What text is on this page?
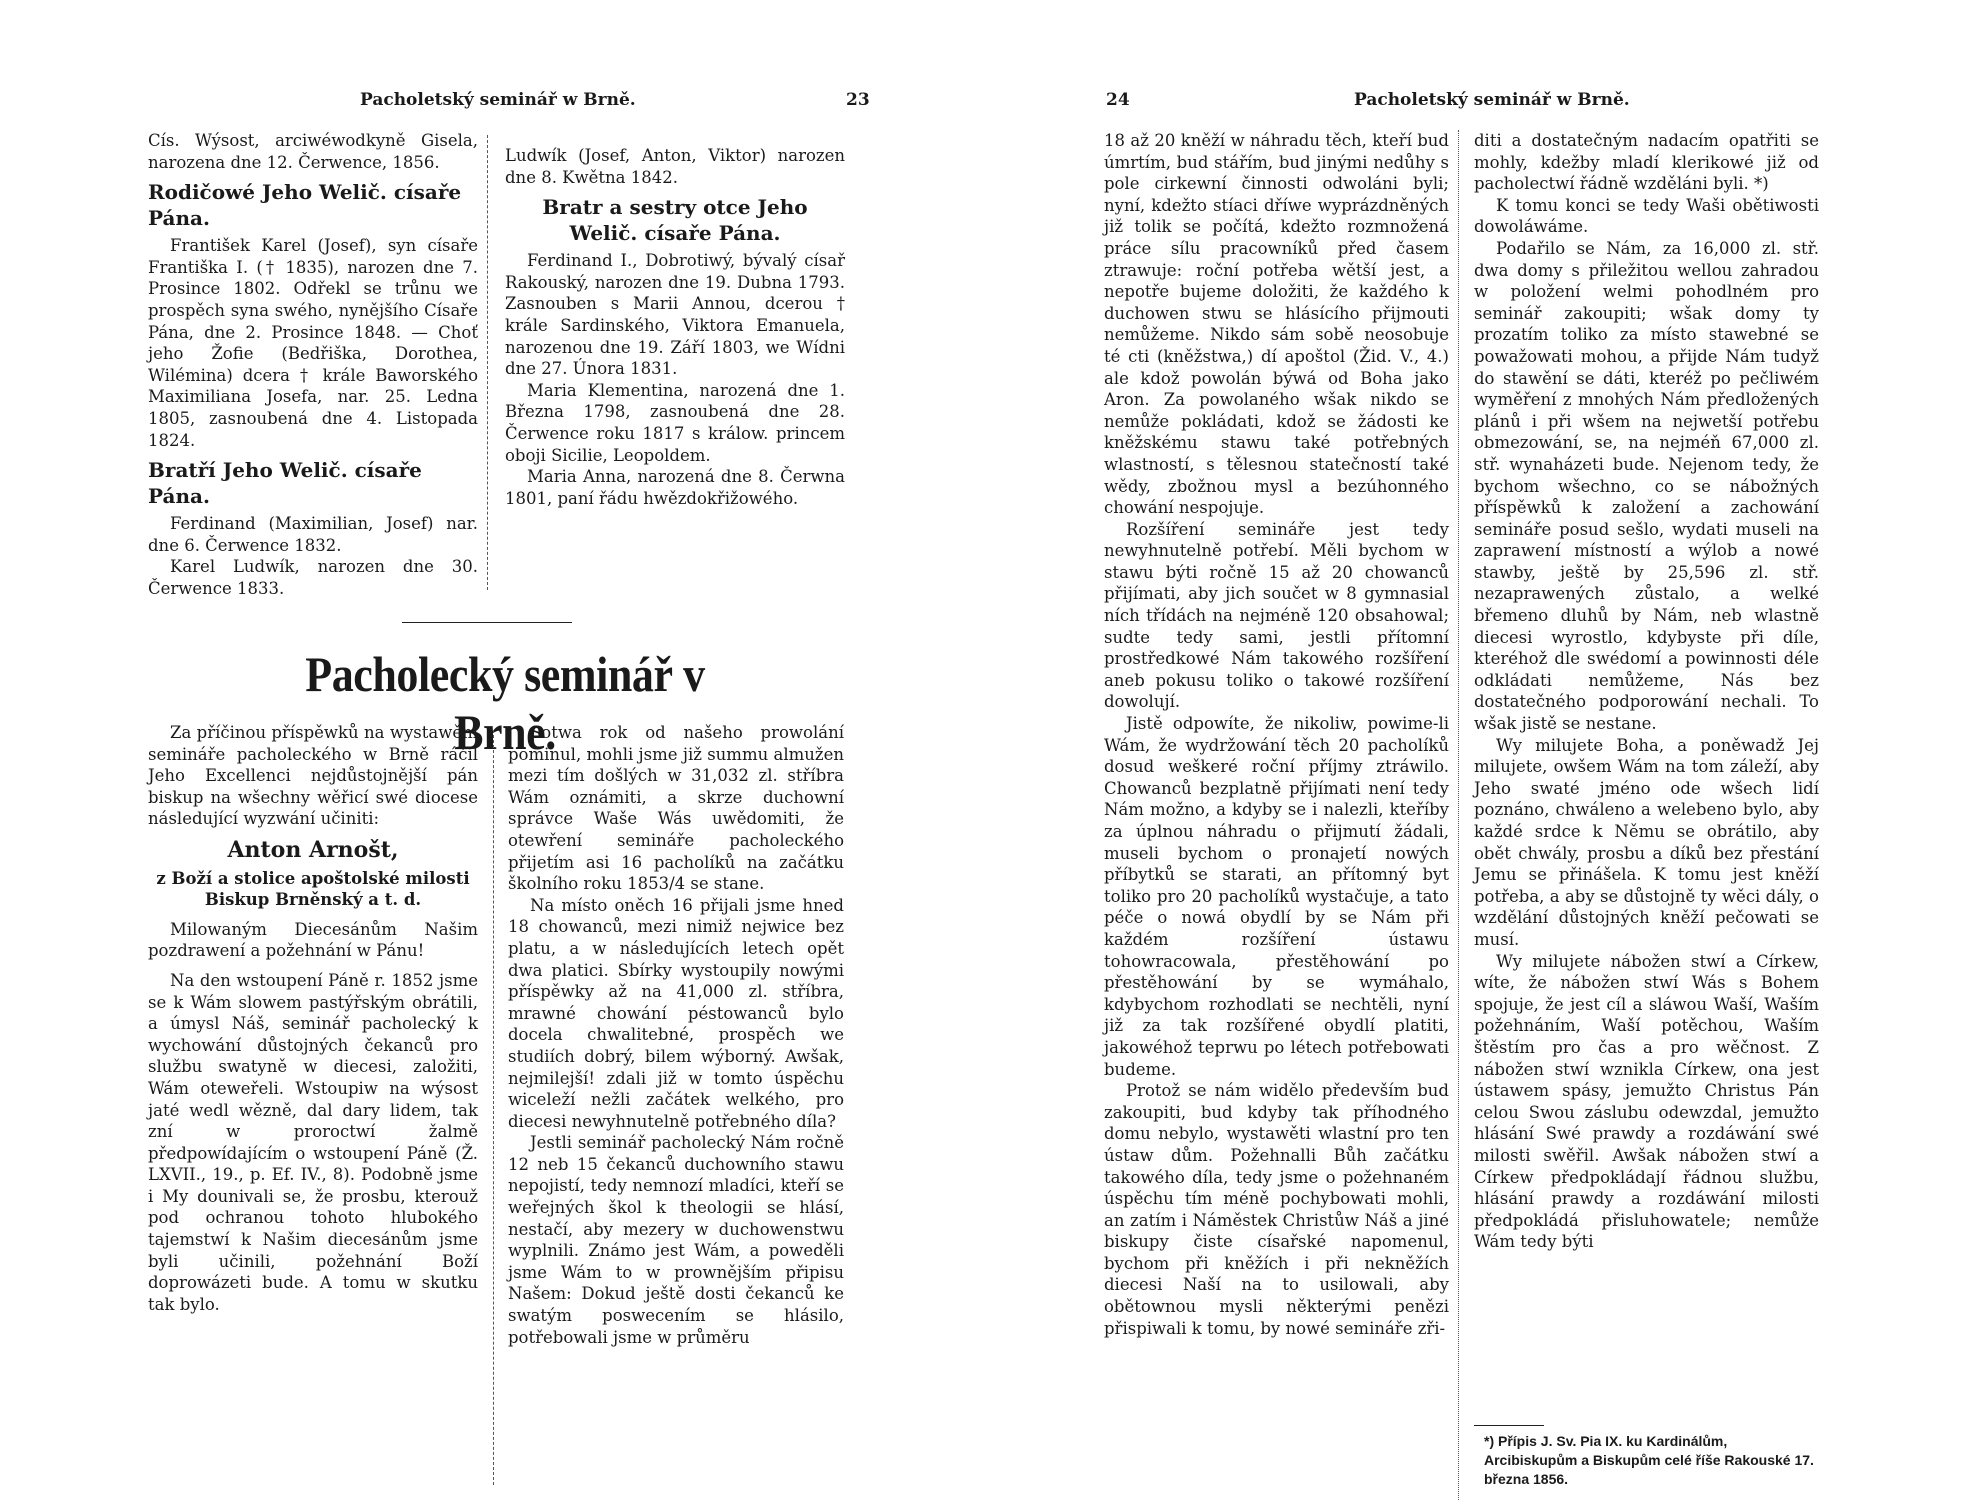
Pacholetský seminář w Brně.	23

Cís. Wýsost, arciwéwodkyně Gisela, narozena dne 12. Čerwence, 1856.

Rodičowé Jeho Welič. císaře Pána.

František Karel (Josef), syn císaře Františka I. († 1835), narozen dne 7. Prosince 1802. Odřekl se trůnu we prospěch syna swého, nynějšího Císaře Pána, dne 2. Prosince 1848. — Choť jeho Žofie (Bedřiška, Dorothea, Wilémina) dcera † krále Baworského Maximiliana Josefa, nar. 25. Ledna 1805, zasnoubená dne 4. Listopada 1824.

Bratří Jeho Welič. císaře Pána.

Ferdinand (Maximilian, Josef) nar. dne 6. Čerwence 1832.

Karel Ludwík, narozen dne 30. Čerwence 1833.

Ludwík (Josef, Anton, Viktor) narozen dne 8. Kwětna 1842.

Bratr a sestry otce Jeho Welič. císaře Pána.

Ferdinand I., Dobrotiwý, bývalý císař Rakouský, narozen dne 19. Dubna 1793. Zasnouben s Marii Annou, dcerou † krále Sardinského, Viktora Emanuela, narozenou dne 19. Září 1803, we Wídni dne 27. Února 1831.

Maria Klementina, narozená dne 1. Března 1798, zasnoubená dne 28. Čerwence roku 1817 s králow. princem oboji Sicilie, Leopoldem.

Maria Anna, narozená dne 8. Čerwna 1801, paní řádu hwězdokřižowého.

Pacholecký seminář v Brně.

Za příčinou příspěwků na wystawění semináře pacholeckého w Brně ráčil Jeho Excellenci nejdůstojnější pán biskup na wšechny wěřicí swé diocese následující wyzwání učiniti:

Anton Arnošt,

z Boží a stolice apoštolské milosti Biskup Brněnský a t. d.

Milowaným Diecesánům Našim pozdrawení a požehnání w Pánu!

Na den wstoupení Páně r. 1852 jsme se k Wám slowem pastýřským obrátili, a úmysl Náš, seminář pacholecký k wychowání důstojných čekanců pro službu swatyně w diecesi, založiti, Wám oteweřeli. Wstoupiw na wýsost jaté wedl wězně, dal dary lidem, tak zní w proroctwí žalmě předpowídajícím o wstoupení Páně (Ž. LXVII., 19., p. Ef. IV., 8). Podobně jsme i My dounivali se, že prosbu, kterouž pod ochranou tohoto hlubokého tajemstwí k Našim diecesánům jsme byli učinili, požehnání Boží doprowázeti bude. A tomu w skutku tak bylo.

Sotwa rok od našeho prowolání pominul, mohli jsme již summu almužen mezi tím došlých w 31,032 zl. stříbra Wám oznámiti, a skrze duchowní správce Waše Wás uwědomiti, že otewření semináře pacholeckého přijetím asi 16 pacholíků na začátku školního roku 1853/4 se stane.

Na místo oněch 16 přijali jsme hned 18 chowanců, mezi nimiž nejwice bez platu, a w následujících letech opět dwa platici. Sbírky wystoupily nowými příspěwky až na 41,000 zl. stříbra, mrawné chowání péstowanců bylo docela chwalitebné, prospěch we studiích dobrý, bilem wýborný. Awšak, nejmilejší! zdali již w tomto úspěchu wiceleží nežli začátek welkého, pro diecesi newyhnutelně potřebného díla?

Jestli seminář pacholecký Nám ročně 12 neb 15 čekanců duchowního stawu nepojistí, tedy nemnozí mladíci, kteří se weřejných škol k theologii se hlásí, nestačí, aby mezery w duchowenstwu wyplnili. Známo jest Wám, a poweděli jsme Wám to w prownějším připisu Našem: Dokud ještě dosti čekanců ke swatým poswecením se hlásilo, potřebowali jsme w průměru

24	Pacholetský seminář w Brně.

18 až 20 kněží w náhradu těch, kteří bud úmrtím, bud stářím, bud jinými nedůhy s pole cirkewní činnosti odwoláni byli; nyní, kdežto stíaci dříwe wyprázdněných již tolik se počítá, kdežto rozmnožená práce sílu pracowníků před časem ztrawuje: roční potřeba wětší jest, a nepotře bujeme doložiti, že každého k duchowen stwu se hlásícího přijmouti nemůžeme. Nikdo sám sobě neosobuje té cti (kněžstwa,) dí apoštol (Žid. V., 4.) ale kdož powolán býwá od Boha jako Aron. Za powolaného wšak nikdo se nemůže pokládati, kdož se žádosti ke kněžskému stawu také potřebných wlastností, s tělesnou statečností také wědy, zbožnou mysl a bezúhonného chowání nespojuje.

Rozšíření semináře jest tedy newyhnutelně potřebí. Měli bychom w stawu býti ročně 15 až 20 chowanců přijímati, aby jich součet w 8 gymnasial ních třídách na nejméně 120 obsahowal; sudte tedy sami, jestli přítomní prostředkowé Nám takowého rozšíření aneb pokusu toliko o takowé rozšíření dowolují.

Jistě odpowíte, že nikoliw, powime-li Wám, že wydržowání těch 20 pacholíků dosud weškeré roční příjmy ztráwilo. Chowanců bezplatně přijímati není tedy Nám možno, a kdyby se i nalezli, kteříby za úplnou náhradu o přijmutí žádali, museli bychom o pronajetí nowých příbytků se starati, an přítomný byt toliko pro 20 pacholíků wystačuje, a tato péče o nowá obydlí by se Nám při každém rozšíření ústawu tohowracowala, přestěhowání po přestěhowání by se wymáhalo, kdybychom rozhodlati se nechtěli, nyní již za tak rozšířené obydlí platiti, jakowéhož teprwu po létech potřebowati budeme.

Protož se nám widělo především bud zakoupiti, bud kdyby tak příhodného domu nebylo, wystawěti wlastní pro ten ústaw dům. Požehnalli Bůh začátku takowého díla, tedy jsme o požehnaném úspěchu tím méně pochybowati mohli, an zatím i Náměstek Christůw Náš a jiné biskupy čiste císařské napomenul, bychom při kněžích i při nekněžích diecesi Naší na to usilowali, aby obětownou mysli některými penězi přispiwali k tomu, by nowé semináře zři-

diti a dostatečným nadacím opatřiti se mohly, kdežby mladí klerikowé již od pacholectwí řádně wzděláni byli. *)

K tomu konci se tedy Waši obětiwosti dowoláwáme.

Podařilo se Nám, za 16,000 zl. stř. dwa domy s přiležitou wellou zahradou w položení welmi pohodlném pro seminář zakoupiti; wšak domy ty prozatím toliko za místo stawebné se powažowati mohou, a přijde Nám tudyž do stawění se dáti, kteréž po pečliwém wyměření z mnohých Nám předložených plánů i při wšem na nejwetší potřebu obmezowání, se, na nejméň 67,000 zl. stř. wynaházeti bude. Nejenom tedy, že bychom wšechno, co se nábožných příspěwků k založení a zachowání semináře posud sešlo, wydati museli na zaprawení místností a wýlob a nowé stawby, ještě by 25,596 zl. stř. nezaprawených zůstalo, a welké břemeno dluhů by Nám, neb wlastně diecesi wyrostlo, kdybyste při díle, kteréhož dle swédomí a powinnosti déle odkládati nemůžeme, Nás bez dostatečného podporowání nechali. To wšak jistě se nestane.

Wy milujete Boha, a poněwadž Jej milujete, owšem Wám na tom záleží, aby Jeho swaté jméno ode wšech lidí poznáno, chwáleno a welebeno bylo, aby každé srdce k Němu se obrátilo, aby obět chwály, prosbu a díků bez přestání Jemu se přinášela. K tomu jest kněží potřeba, a aby se důstojně ty wěci dály, o wzdělání důstojných kněží pečowati se musí.

Wy milujete nábožen stwí a Církew, wíte, že nábožen stwí Wás s Bohem spojuje, že jest cíl a sláwou Waší, Waším požehnáním, Waší potěchou, Waším štěstím pro čas a pro wěčnost. Z nábožen stwí wznikla Církew, ona jest ústawem spásy, jemužto Christus Pán celou Swou záslubu odewzdal, jemužto hlásání Swé prawdy a rozdáwání swé milosti swěřil. Awšak nábožen stwí a Církew předpokládají řádnou službu, hlásání prawdy a rozdáwání milosti předpokládá přisluhowatele; nemůže Wám tedy býti

*) Přípis J. Sv. Pia IX. ku Kardinálům, Arcibiskupům a Biskupům celé říše Rakouské 17. března 1856.
